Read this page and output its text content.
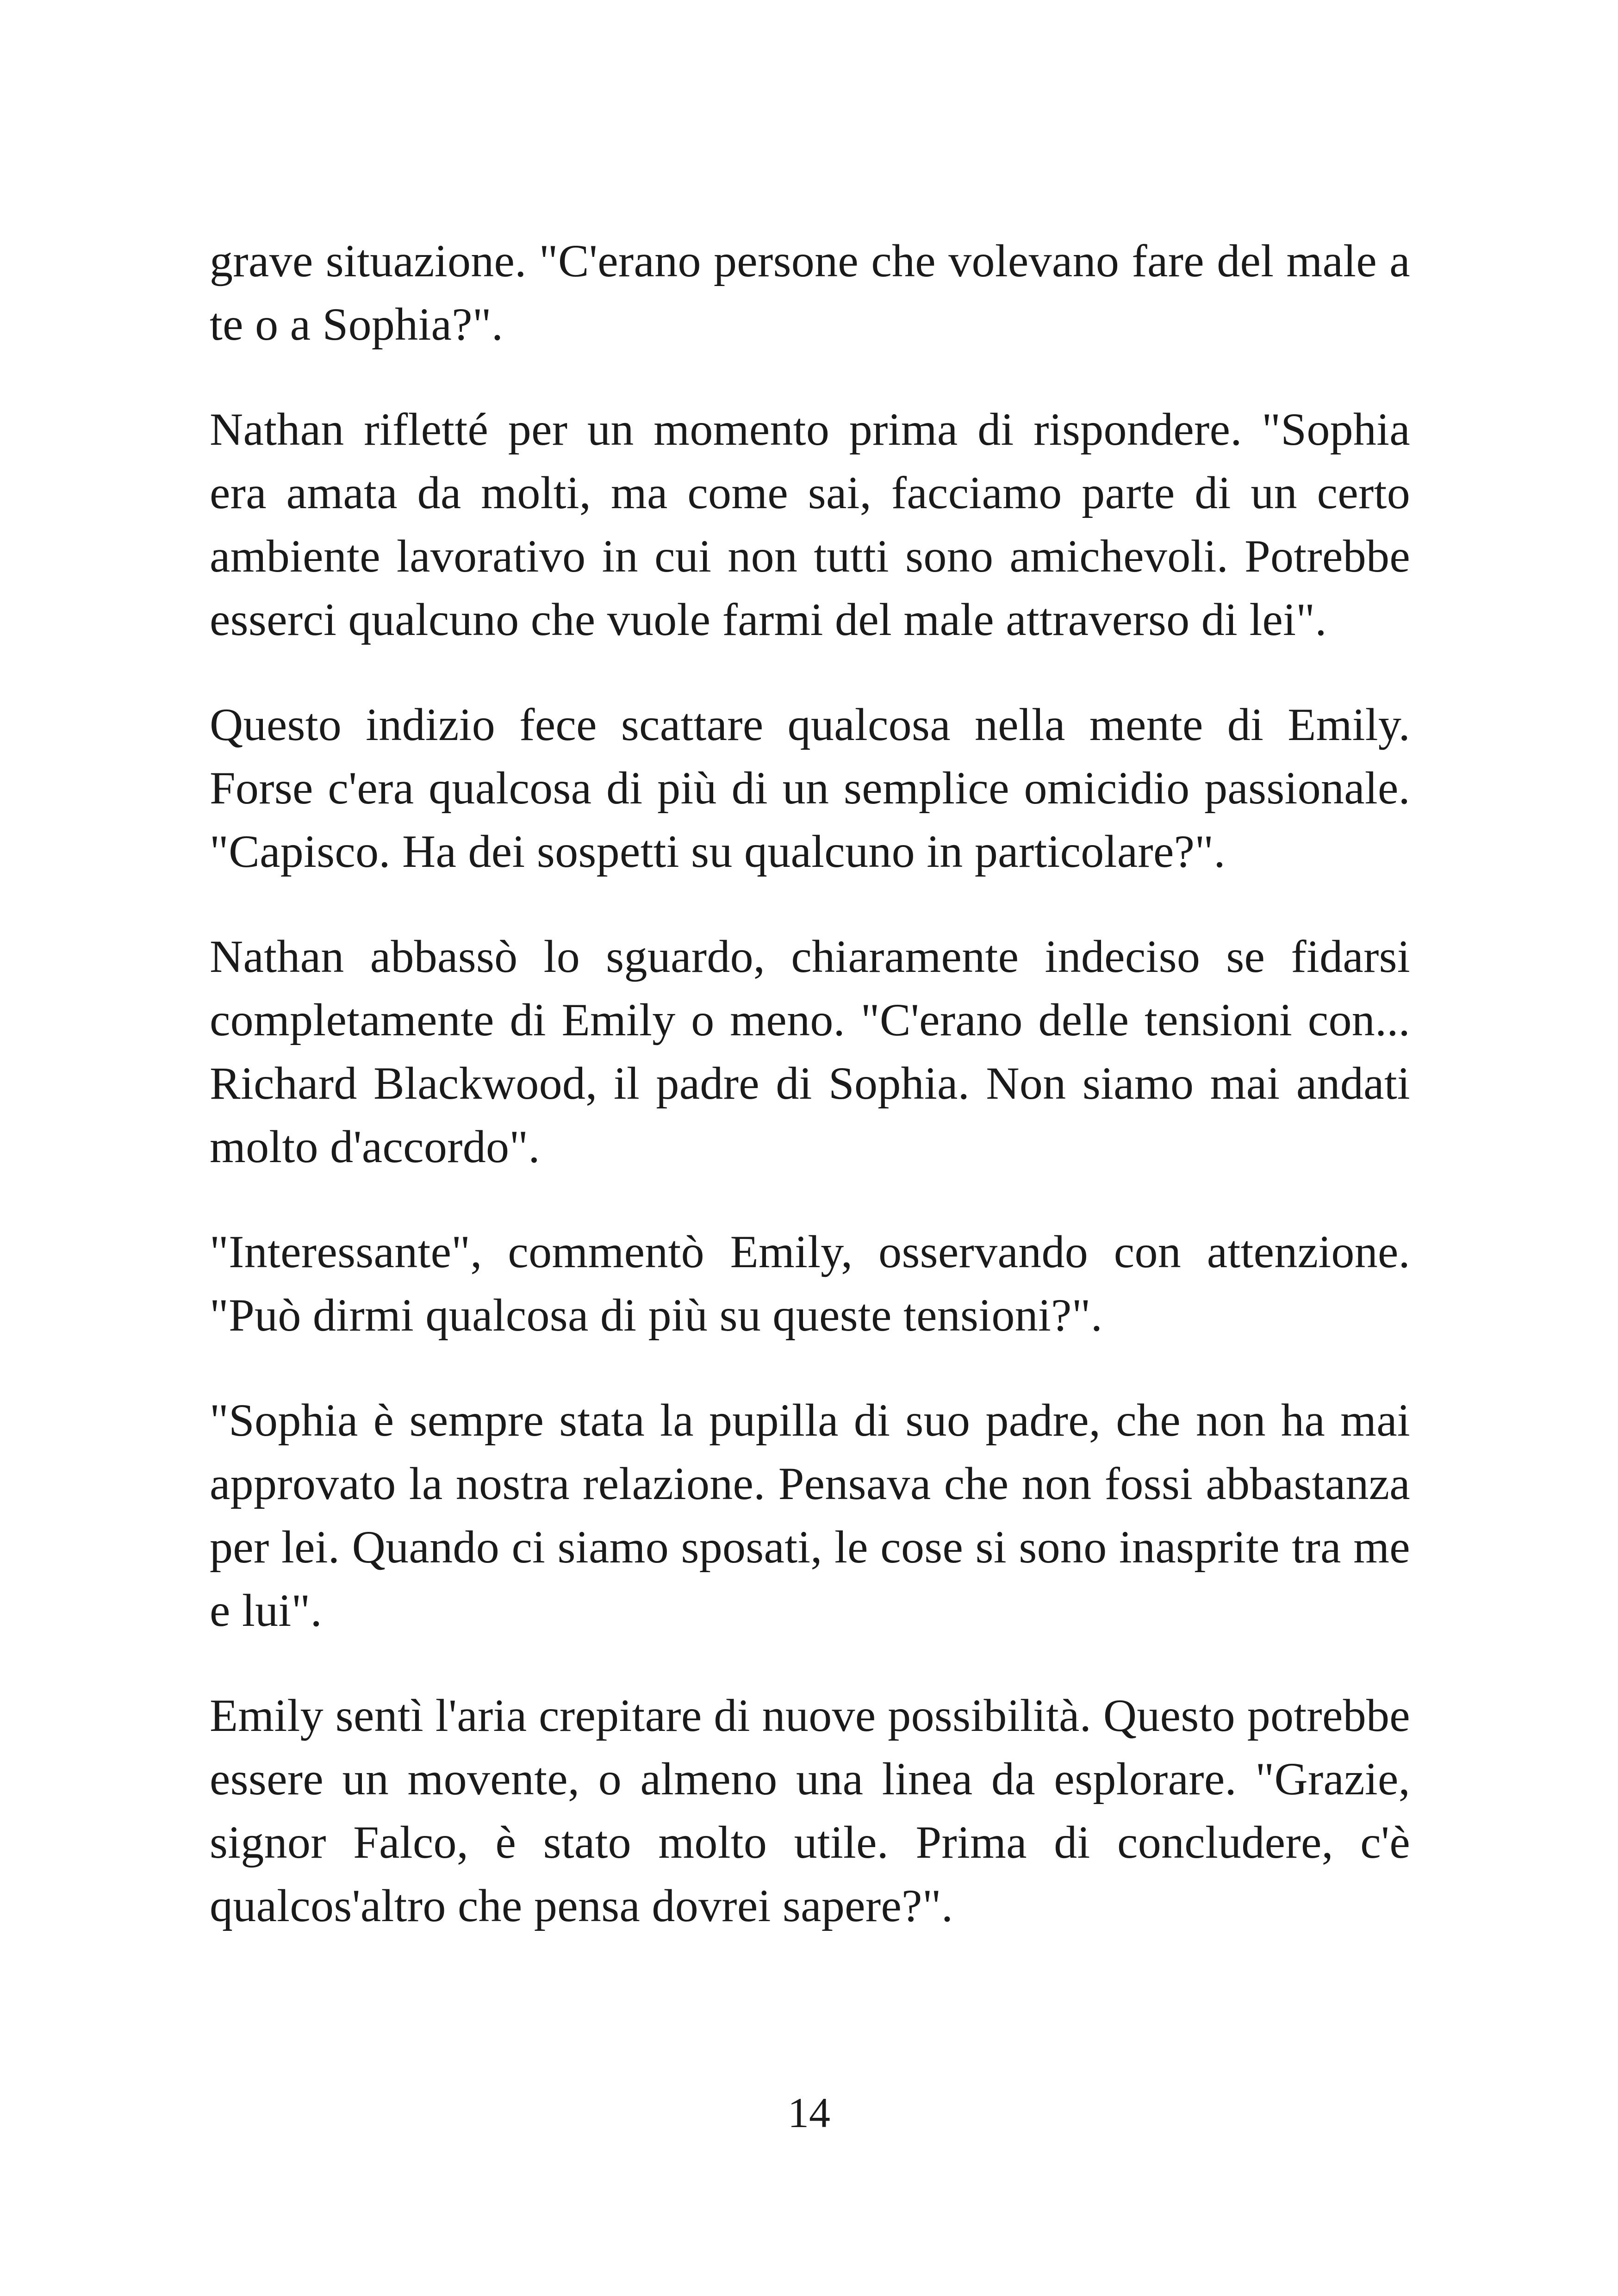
grave situazione. "C'erano persone che volevano fare del male a te o a Sophia?".

Nathan rifletté per un momento prima di rispondere. "Sophia era amata da molti, ma come sai, facciamo parte di un certo ambiente lavorativo in cui non tutti sono amichevoli. Potrebbe esserci qualcuno che vuole farmi del male attraverso di lei".

Questo indizio fece scattare qualcosa nella mente di Emily. Forse c'era qualcosa di più di un semplice omicidio passionale. "Capisco. Ha dei sospetti su qualcuno in particolare?".

Nathan abbassò lo sguardo, chiaramente indeciso se fidarsi completamente di Emily o meno. "C'erano delle tensioni con... Richard Blackwood, il padre di Sophia. Non siamo mai andati molto d'accordo".

"Interessante", commentò Emily, osservando con attenzione. "Può dirmi qualcosa di più su queste tensioni?".

"Sophia è sempre stata la pupilla di suo padre, che non ha mai approvato la nostra relazione. Pensava che non fossi abbastanza per lei. Quando ci siamo sposati, le cose si sono inasprite tra me e lui".

Emily sentì l'aria crepitare di nuove possibilità. Questo potrebbe essere un movente, o almeno una linea da esplorare. "Grazie, signor Falco, è stato molto utile. Prima di concludere, c'è qualcos'altro che pensa dovrei sapere?".

14
